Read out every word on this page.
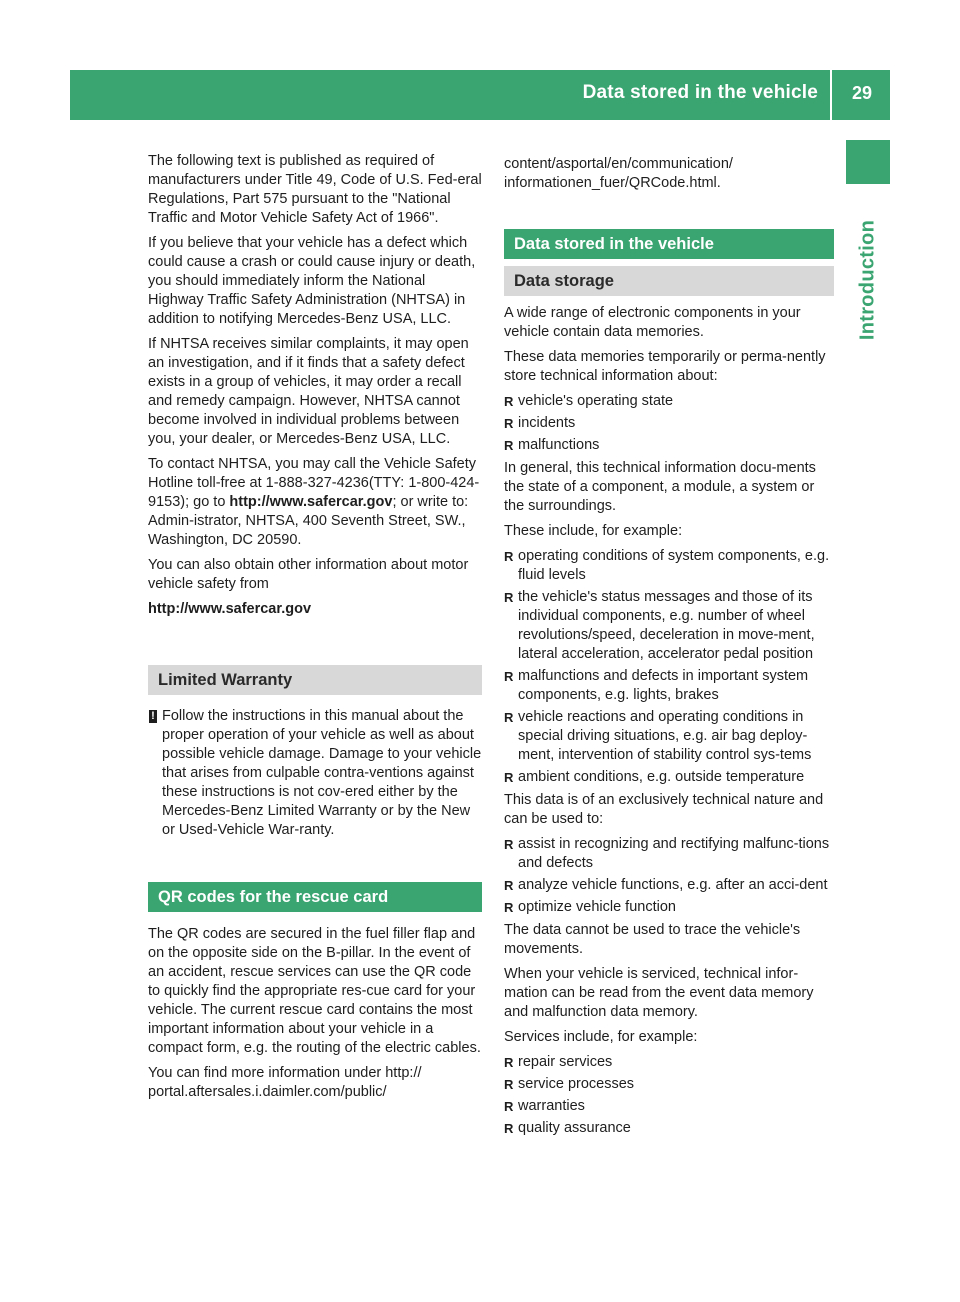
Data stored in the vehicle	29
Introduction

The following text is published as required of manufacturers under Title 49, Code of U.S. Fed-eral Regulations, Part 575 pursuant to the "National Traffic and Motor Vehicle Safety Act of 1966".

If you believe that your vehicle has a defect which could cause a crash or could cause injury or death, you should immediately inform the National Highway Traffic Safety Administration (NHTSA) in addition to notifying Mercedes-Benz USA, LLC.

If NHTSA receives similar complaints, it may open an investigation, and if it finds that a safety defect exists in a group of vehicles, it may order a recall and remedy campaign. However, NHTSA cannot become involved in individual problems between you, your dealer, or Mercedes-Benz USA, LLC.

To contact NHTSA, you may call the Vehicle Safety Hotline toll-free at 1-888-327-4236(TTY: 1-800-424-9153); go to http://www.safercar.gov; or write to: Admin-istrator, NHTSA, 400 Seventh Street, SW., Washington, DC 20590.

You can also obtain other information about motor vehicle safety from

http://www.safercar.gov

Limited Warranty
! Follow the instructions in this manual about the proper operation of your vehicle as well as about possible vehicle damage. Damage to your vehicle that arises from culpable contra-ventions against these instructions is not cov-ered either by the Mercedes-Benz Limited Warranty or by the New or Used-Vehicle War-ranty.
QR codes for the rescue card

The QR codes are secured in the fuel filler flap and on the opposite side on the B-pillar. In the event of an accident, rescue services can use the QR code to quickly find the appropriate res-cue card for your vehicle. The current rescue card contains the most important information about your vehicle in a compact form, e.g. the routing of the electric cables.

You can find more information under http:// portal.aftersales.i.daimler.com/public/

content/asportal/en/communication/ informationen_fuer/QRCode.html.

Data stored in the vehicle
Data storage

A wide range of electronic components in your vehicle contain data memories.

These data memories temporarily or perma-nently store technical information about:

R vehicle's operating state
R incidents
R malfunctions

In general, this technical information docu-ments the state of a component, a module, a system or the surroundings.

These include, for example:

R operating conditions of system components, e.g. fluid levels
R the vehicle's status messages and those of its individual components, e.g. number of wheel revolutions/speed, deceleration in move-ment, lateral acceleration, accelerator pedal position
R malfunctions and defects in important system components, e.g. lights, brakes
R vehicle reactions and operating conditions in special driving situations, e.g. air bag deploy-ment, intervention of stability control sys-tems
R ambient conditions, e.g. outside temperature

This data is of an exclusively technical nature and can be used to:

R assist in recognizing and rectifying malfunc-tions and defects
R analyze vehicle functions, e.g. after an acci-dent
R optimize vehicle function

The data cannot be used to trace the vehicle's movements.

When your vehicle is serviced, technical infor-mation can be read from the event data memory and malfunction data memory.

Services include, for example:

R repair services
R service processes
R warranties
R quality assurance
